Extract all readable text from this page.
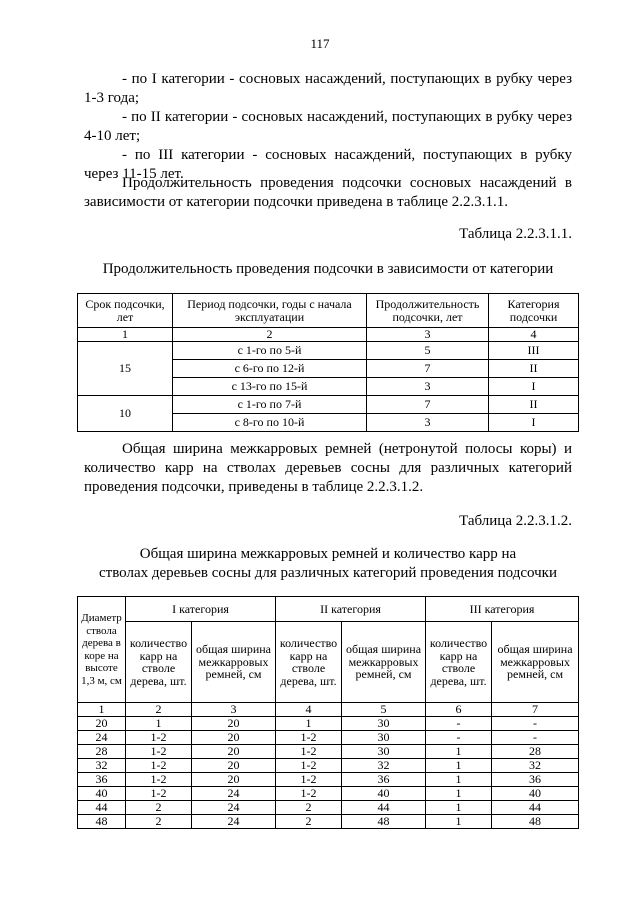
117
- по I категории - сосновых насаждений, поступающих в рубку через 1-3 года;
- по II категории - сосновых насаждений, поступающих в рубку через 4-10 лет;
- по III категории - сосновых насаждений, поступающих в рубку через 11-15 лет.
Продолжительность проведения подсочки сосновых насаждений в зависимости от категории подсочки приведена в таблице 2.2.3.1.1.
Таблица 2.2.3.1.1.
Продолжительность проведения подсочки в зависимости от категории
Срок подсочки, лет	Период подсочки, годы с начала эксплуатации	Продолжительность подсочки, лет	Категория подсочки
1	2	3	4
15	с 1-го по 5-й	5	III
	с 6-го по 12-й	7	II
	с 13-го по 15-й	3	I
10	с 1-го по 7-й	7	II
	с 8-го по 10-й	3	I
Общая ширина межкарровых ремней (нетронутой полосы коры) и количество карр на стволах деревьев сосны для различных категорий проведения подсочки, приведены в таблице 2.2.3.1.2.
Таблица 2.2.3.1.2.
Общая ширина межкарровых ремней и количество карр на
стволах деревьев сосны для различных категорий проведения подсочки
Диаметр ствола дерева в коре на высоте 1,3 м, см	I категория		II категория		III категория	
	количество карр на стволе дерева, шт.	общая ширина межкарровых ремней, см	количество карр на стволе дерева, шт.	общая ширина межкарровых ремней, см	количество карр на стволе дерева, шт.	общая ширина межкарровых ремней, см
1	2	3	4	5	6	7
20	1	20	1	30	-	-
24	1-2	20	1-2	30	-	-
28	1-2	20	1-2	30	1	28
32	1-2	20	1-2	32	1	32
36	1-2	20	1-2	36	1	36
40	1-2	24	1-2	40	1	40
44	2	24	2	44	1	44
48	2	24	2	48	1	48
